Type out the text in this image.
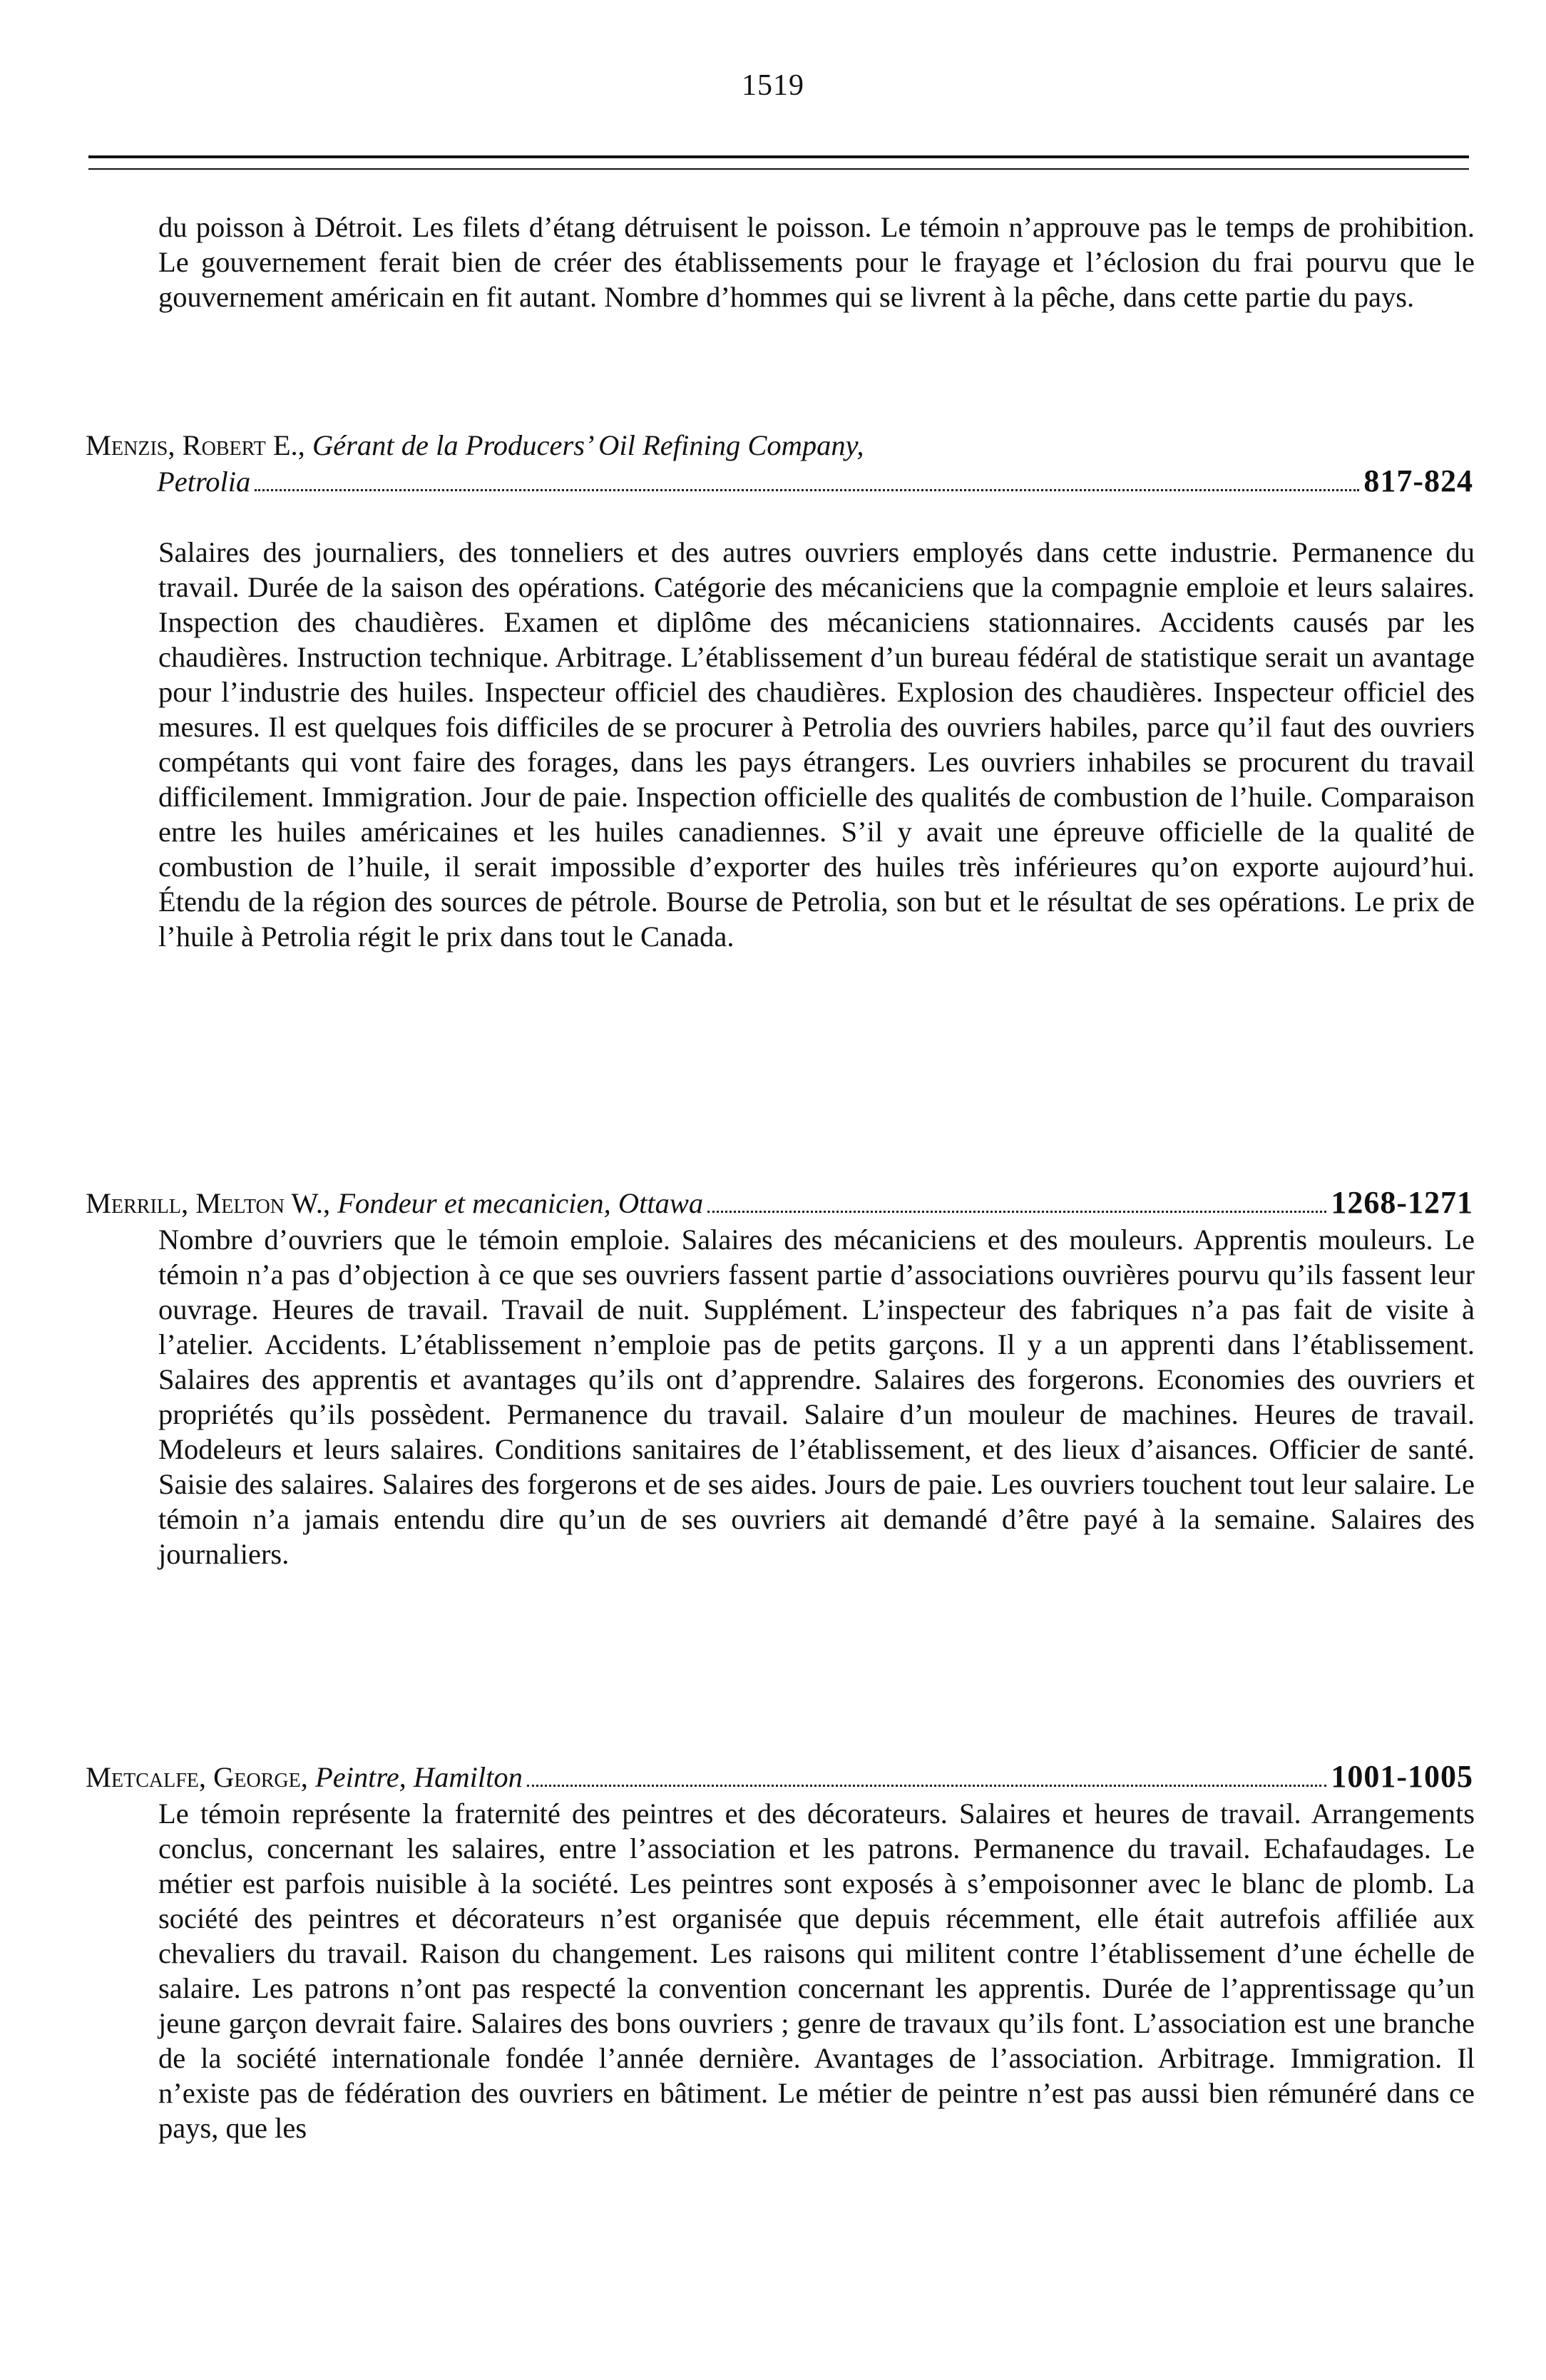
1519
du poisson à Détroit. Les filets d’étang détruisent le poisson. Le témoin n’approuve pas le temps de prohibition. Le gouvernement ferait bien de créer des établissements pour le frayage et l’éclosion du frai pourvu que le gouvernement américain en fit autant. Nombre d’hommes qui se livrent à la pêche, dans cette partie du pays.
Menzis, Robert E.,
Gérant de la Producers’ Oil Refining Company,
Petrolia	817-824
Salaires des journaliers, des tonneliers et des autres ouvriers employés dans cette industrie. Permanence du travail. Durée de la saison des opérations. Catégorie des mécaniciens que la compagnie emploie et leurs salaires. Inspection des chaudières. Examen et diplôme des mécaniciens stationnaires. Accidents causés par les chaudières. Instruction technique. Arbitrage. L’établissement d’un bureau fédéral de statistique serait un avantage pour l’industrie des huiles. Inspecteur officiel des chaudières. Explosion des chaudières. Inspecteur officiel des mesures. Il est quelques fois difficiles de se procurer à Petrolia des ouvriers habiles, parce qu’il faut des ouvriers compétants qui vont faire des forages, dans les pays étrangers. Les ouvriers inhabiles se procurent du travail difficilement. Immigration. Jour de paie. Inspection officielle des qualités de combustion de l’huile. Comparaison entre les huiles américaines et les huiles canadiennes. S’il y avait une épreuve officielle de la qualité de combustion de l’huile, il serait impossible d’exporter des huiles très inférieures qu’on exporte aujourd’hui. Étendu de la région des sources de pétrole. Bourse de Petrolia, son but et le résultat de ses opérations. Le prix de l’huile à Petrolia régit le prix dans tout le Canada.
Merrill, Melton W.,
Fondeur et mecanicien, Ottawa	1268-1271
Nombre d’ouvriers que le témoin emploie. Salaires des mécaniciens et des mouleurs. Apprentis mouleurs. Le témoin n’a pas d’objection à ce que ses ouvriers fassent partie d’associations ouvrières pourvu qu’ils fassent leur ouvrage. Heures de travail. Travail de nuit. Supplément. L’inspecteur des fabriques n’a pas fait de visite à l’atelier. Accidents. L’établissement n’emploie pas de petits garçons. Il y a un apprenti dans l’établissement. Salaires des apprentis et avantages qu’ils ont d’apprendre. Salaires des forgerons. Economies des ouvriers et propriétés qu’ils possèdent. Permanence du travail. Salaire d’un mouleur de machines. Heures de travail. Modeleurs et leurs salaires. Conditions sanitaires de l’établissement, et des lieux d’aisances. Officier de santé. Saisie des salaires. Salaires des forgerons et de ses aides. Jours de paie. Les ouvriers touchent tout leur salaire. Le témoin n’a jamais entendu dire qu’un de ses ouvriers ait demandé d’être payé à la semaine. Salaires des journaliers.
Metcalfe, George,
Peintre, Hamilton	1001-1005
Le témoin représente la fraternité des peintres et des décorateurs. Salaires et heures de travail. Arrangements conclus, concernant les salaires, entre l’association et les patrons. Permanence du travail. Echafaudages. Le métier est parfois nuisible à la société. Les peintres sont exposés à s’empoisonner avec le blanc de plomb. La société des peintres et décorateurs n’est organisée que depuis récemment, elle était autrefois affiliée aux chevaliers du travail. Raison du changement. Les raisons qui militent contre l’établissement d’une échelle de salaire. Les patrons n’ont pas respecté la convention concernant les apprentis. Durée de l’apprentissage qu’un jeune garçon devrait faire. Salaires des bons ouvriers ; genre de travaux qu’ils font. L’association est une branche de la société internationale fondée l’année dernière. Avantages de l’association. Arbitrage. Immigration. Il n’existe pas de fédération des ouvriers en bâtiment. Le métier de peintre n’est pas aussi bien rémunéré dans ce pays, que les
